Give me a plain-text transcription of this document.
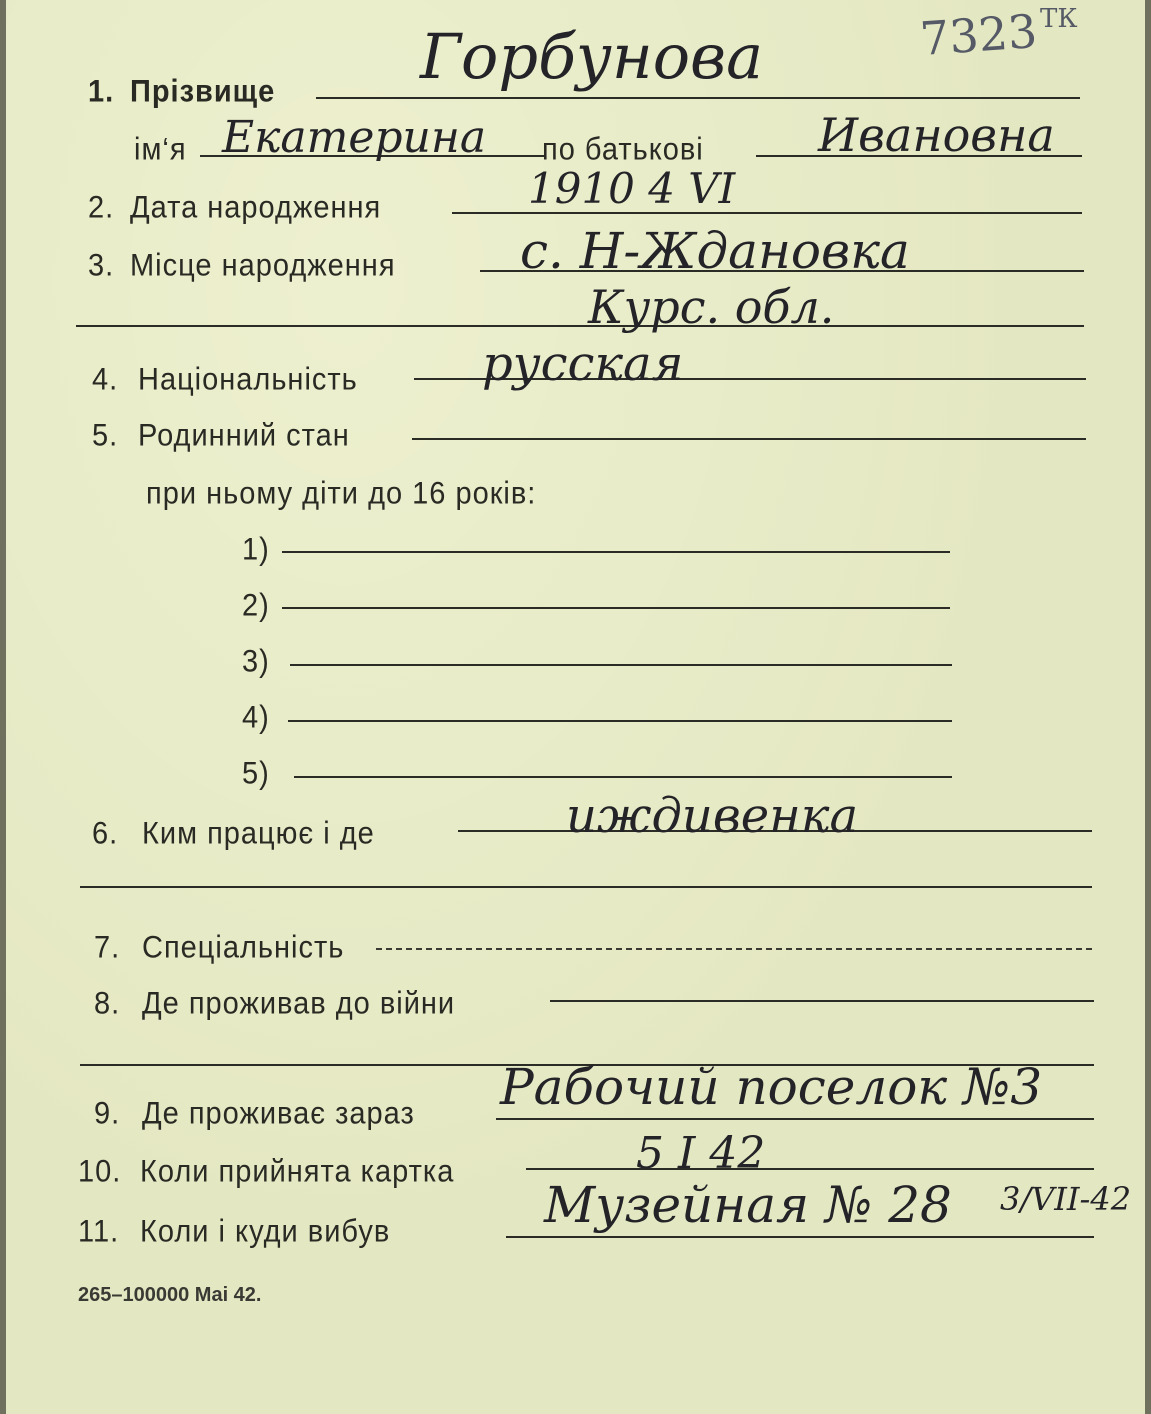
7323 ТК
1. Прізвище Горбунова
ім‘я Екатерина по батькові Ивановна
2. Дата народження	1910 4 VI
3. Місце народження с. Н-Ждановка
Курс. обл.
4. Національність	русская
5. Родинний стан
при ньому діти до 16 років:
1)
2)
3)
4)
5)
6. Ким працює і де	иждивенка
7. Спеціальність
8. Де проживав до війни
9. Де проживає зараз Рабочий поселок №3
10. Коли прийнята картка	5 I 42
11. Коли і куди вибув	Музейная № 28 3/VII-42
265–100000 Mai 42.
